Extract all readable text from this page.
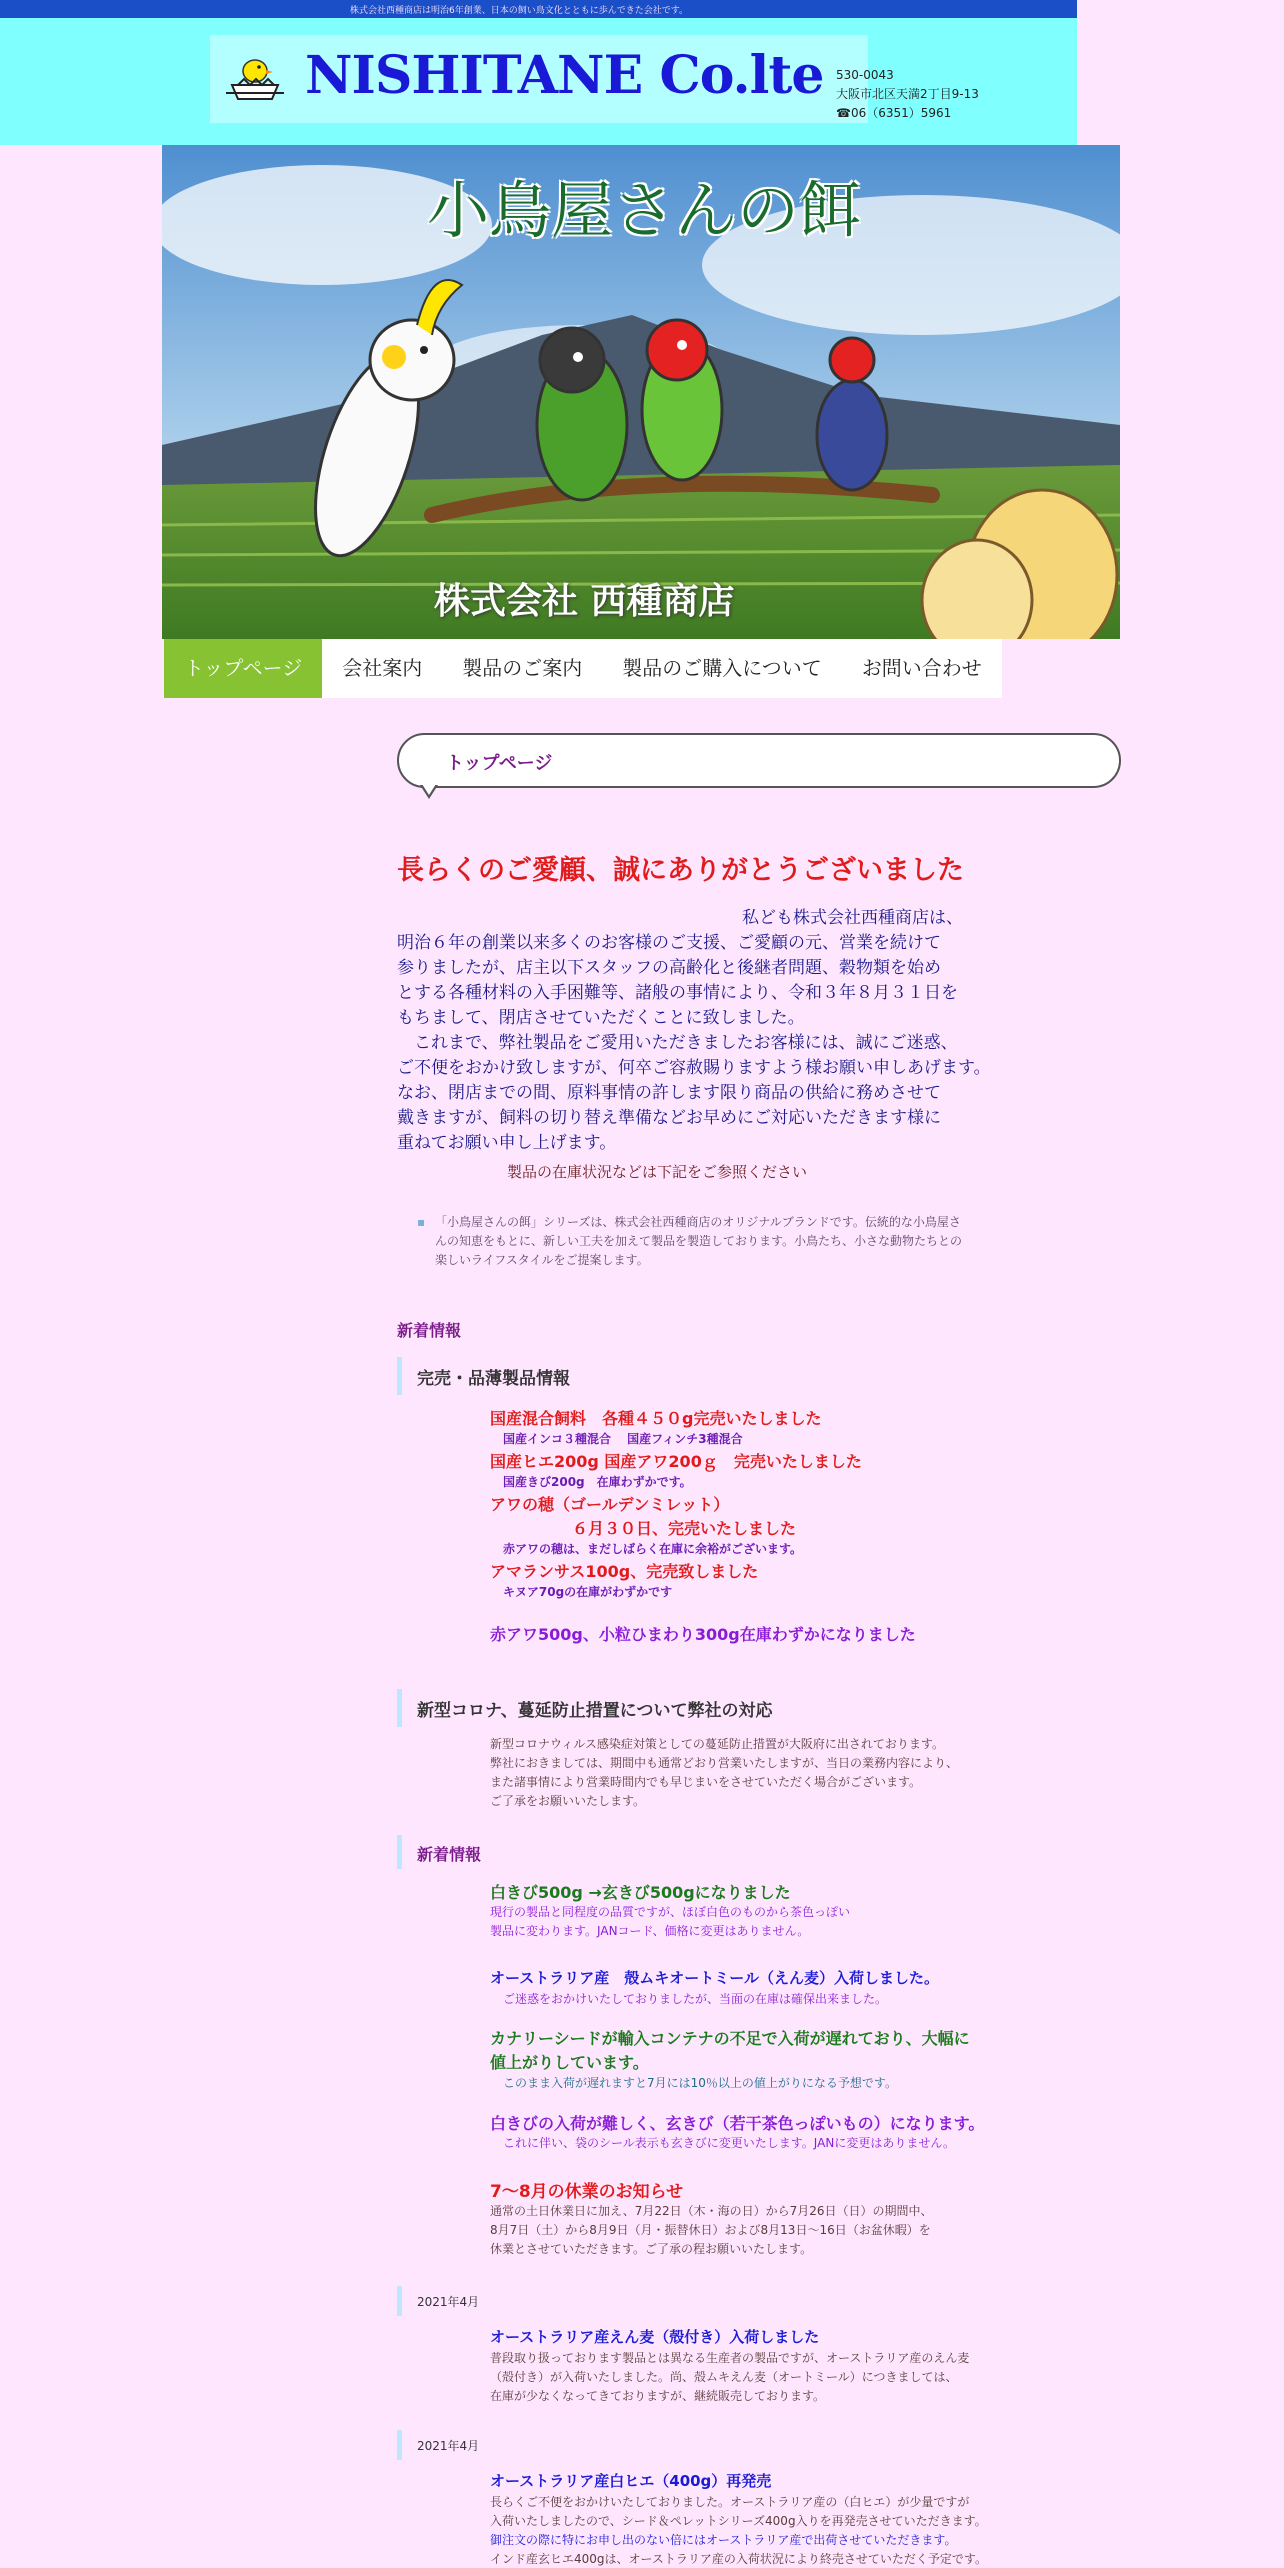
株式会社西種商店は明治6年創業、日本の飼い鳥文化とともに歩んできた会社です。
NISHITANE Co.lte 530-0043
大阪市北区天満2丁目9-13
☎06（6351）5961
小鳥屋さんの餌
株式会社 西種商店
トップページ	会社案内	製品のご案内	製品のご購入について	お問い合わせ
トップページ
長らくのご愛顧、誠にありがとうございました
私ども株式会社西種商店は、
明治６年の創業以来多くのお客様のご支援、ご愛顧の元、営業を続けて
参りましたが、店主以下スタッフの高齢化と後継者問題、穀物類を始め
とする各種材料の入手困難等、諸般の事情により、令和３年８月３１日を
もちまして、閉店させていただくことに致しました。
　これまで、弊社製品をご愛用いただきましたお客様には、誠にご迷惑、
ご不便をおかけ致しますが、何卒ご容赦賜りますよう様お願い申しあげます。
なお、閉店までの間、原料事情の許します限り商品の供給に務めさせて
戴きますが、飼料の切り替え準備などお早めにご対応いただきます様に
重ねてお願い申し上げます。
製品の在庫状況などは下記をご参照ください
▪ 「小鳥屋さんの餌」シリーズは、株式会社西種商店のオリジナルブランドです。伝統的な小鳥屋さ
んの知恵をもとに、新しい工夫を加えて製品を製造しております。小鳥たち、小さな動物たちとの
楽しいライフスタイルをご提案します。
新着情報
完売・品薄製品情報
国産混合飼料　各種４５０g完売いたしました
国産インコ３種混合　 国産フィンチ3種混合
国産ヒエ200g 国産アワ200ｇ　完売いたしました
国産きび200g　在庫わずかです。
アワの穂（ゴールデンミレット）
６月３０日、完売いたしました
赤アワの穂は、まだしばらく在庫に余裕がございます。
アマランサス100g、完売致しました
キヌア70gの在庫がわずかです
赤アワ500g、小粒ひまわり300g在庫わずかになりました
新型コロナ、蔓延防止措置について弊社の対応
新型コロナウィルス感染症対策としての蔓延防止措置が大阪府に出されております。
弊社におきましては、期間中も通常どおり営業いたしますが、当日の業務内容により、
また諸事情により営業時間内でも早じまいをさせていただく場合がございます。
ご了承をお願いいたします。
新着情報
白きび500g →玄きび500gになりました
現行の製品と同程度の品質ですが、ほぼ白色のものから茶色っぽい
製品に変わります。JANコード、価格に変更はありません。
オーストラリア産　殻ムキオートミール（えん麦）入荷しました。
ご迷惑をおかけいたしておりましたが、当面の在庫は確保出来ました。
カナリーシードが輸入コンテナの不足で入荷が遅れており、大幅に
値上がりしています。
このまま入荷が遅れますと7月には10％以上の値上がりになる予想です。
白きびの入荷が難しく、玄きび（若干茶色っぽいもの）になります。
これに伴い、袋のシール表示も玄きびに変更いたします。JANに変更はありません。
7～8月の休業のお知らせ
通常の土日休業日に加え、7月22日（木・海の日）から7月26日（日）の期間中、
8月7日（土）から8月9日（月・振替休日）および8月13日～16日（お盆休暇）を
休業とさせていただきます。ご了承の程お願いいたします。
2021年4月
オーストラリア産えん麦（殻付き）入荷しました
普段取り扱っております製品とは異なる生産者の製品ですが、オーストラリア産のえん麦
（殻付き）が入荷いたしました。尚、殻ムキえん麦（オートミール）につきましては、
在庫が少なくなってきておりますが、継続販売しております。
2021年4月
オーストラリア産白ヒエ（400g）再発売
長らくご不便をおかけいたしておりました。オーストラリア産の（白ヒエ）が少量ですが
入荷いたしましたので、シード＆ペレットシリーズ400g入りを再発売させていただきます。
御注文の際に特にお申し出のない倍にはオーストラリア産で出荷させていただきます。
インド産玄ヒエ400gは、オーストラリア産の入荷状況により終売させていただく予定です。
